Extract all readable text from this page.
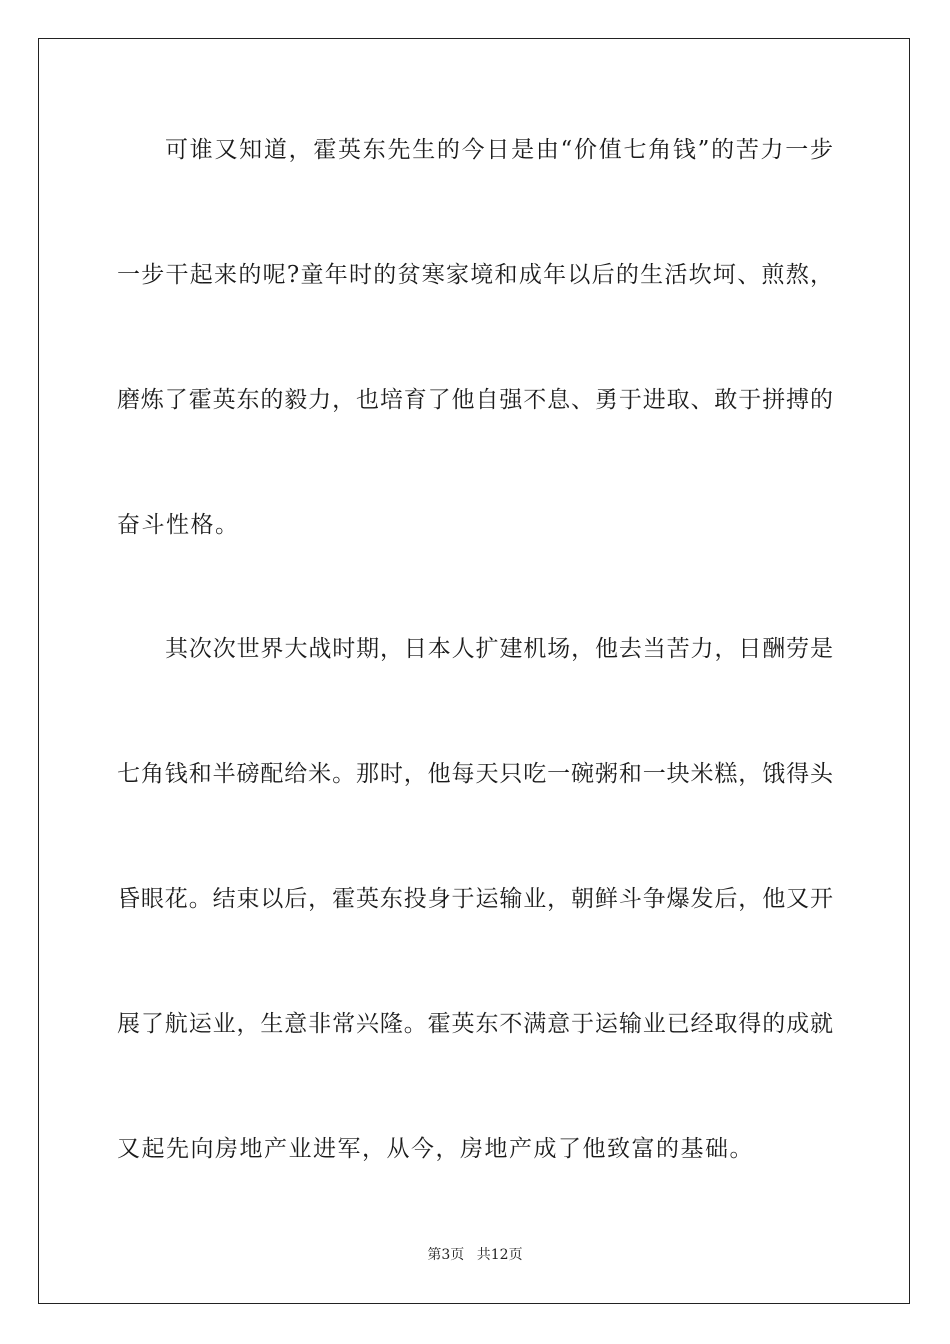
可谁又知道，霍英东先生的今日是由“价值七角钱”的苦力一步
一步干起来的呢?童年时的贫寒家境和成年以后的生活坎坷、煎熬，
磨炼了霍英东的毅力，也培育了他自强不息、勇于进取、敢于拼搏的
奋斗性格。
其次次世界大战时期，日本人扩建机场，他去当苦力，日酬劳是
七角钱和半磅配给米。那时，他每天只吃一碗粥和一块米糕，饿得头
昏眼花。结束以后，霍英东投身于运输业，朝鲜斗争爆发后，他又开
展了航运业，生意非常兴隆。霍英东不满意于运输业已经取得的成就
又起先向房地产业进军，从今，房地产成了他致富的基础。
第3页 共12页
